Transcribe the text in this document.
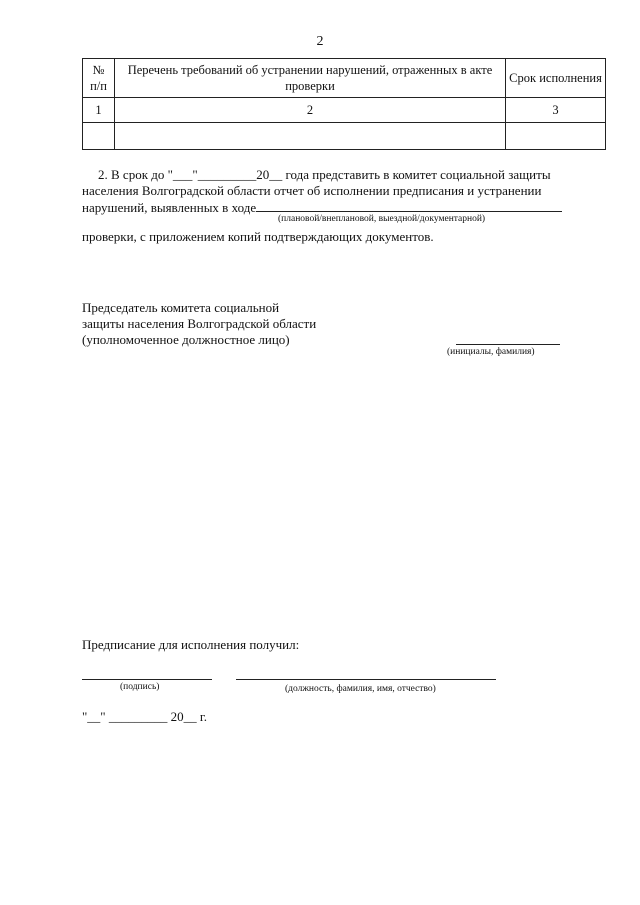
2
№ п/п	Перечень требований об устранении нарушений, отраженных в акте проверки	Срок исполнения
1	2	3

2. В срок до "___"_________20__ года представить в комитет социальной защиты
населения Волгоградской области отчет об исполнении предписания и устранении
нарушений, выявленных в ходе
(плановой/внеплановой, выездной/документарной)
проверки, с приложением копий подтверждающих документов.
Председатель комитета социальной
защиты населения Волгоградской области
(уполномоченное должностное лицо)
(инициалы, фамилия)
Предписание для исполнения получил:
(подпись)	(должность, фамилия, имя, отчество)
"__" _________ 20__ г.
